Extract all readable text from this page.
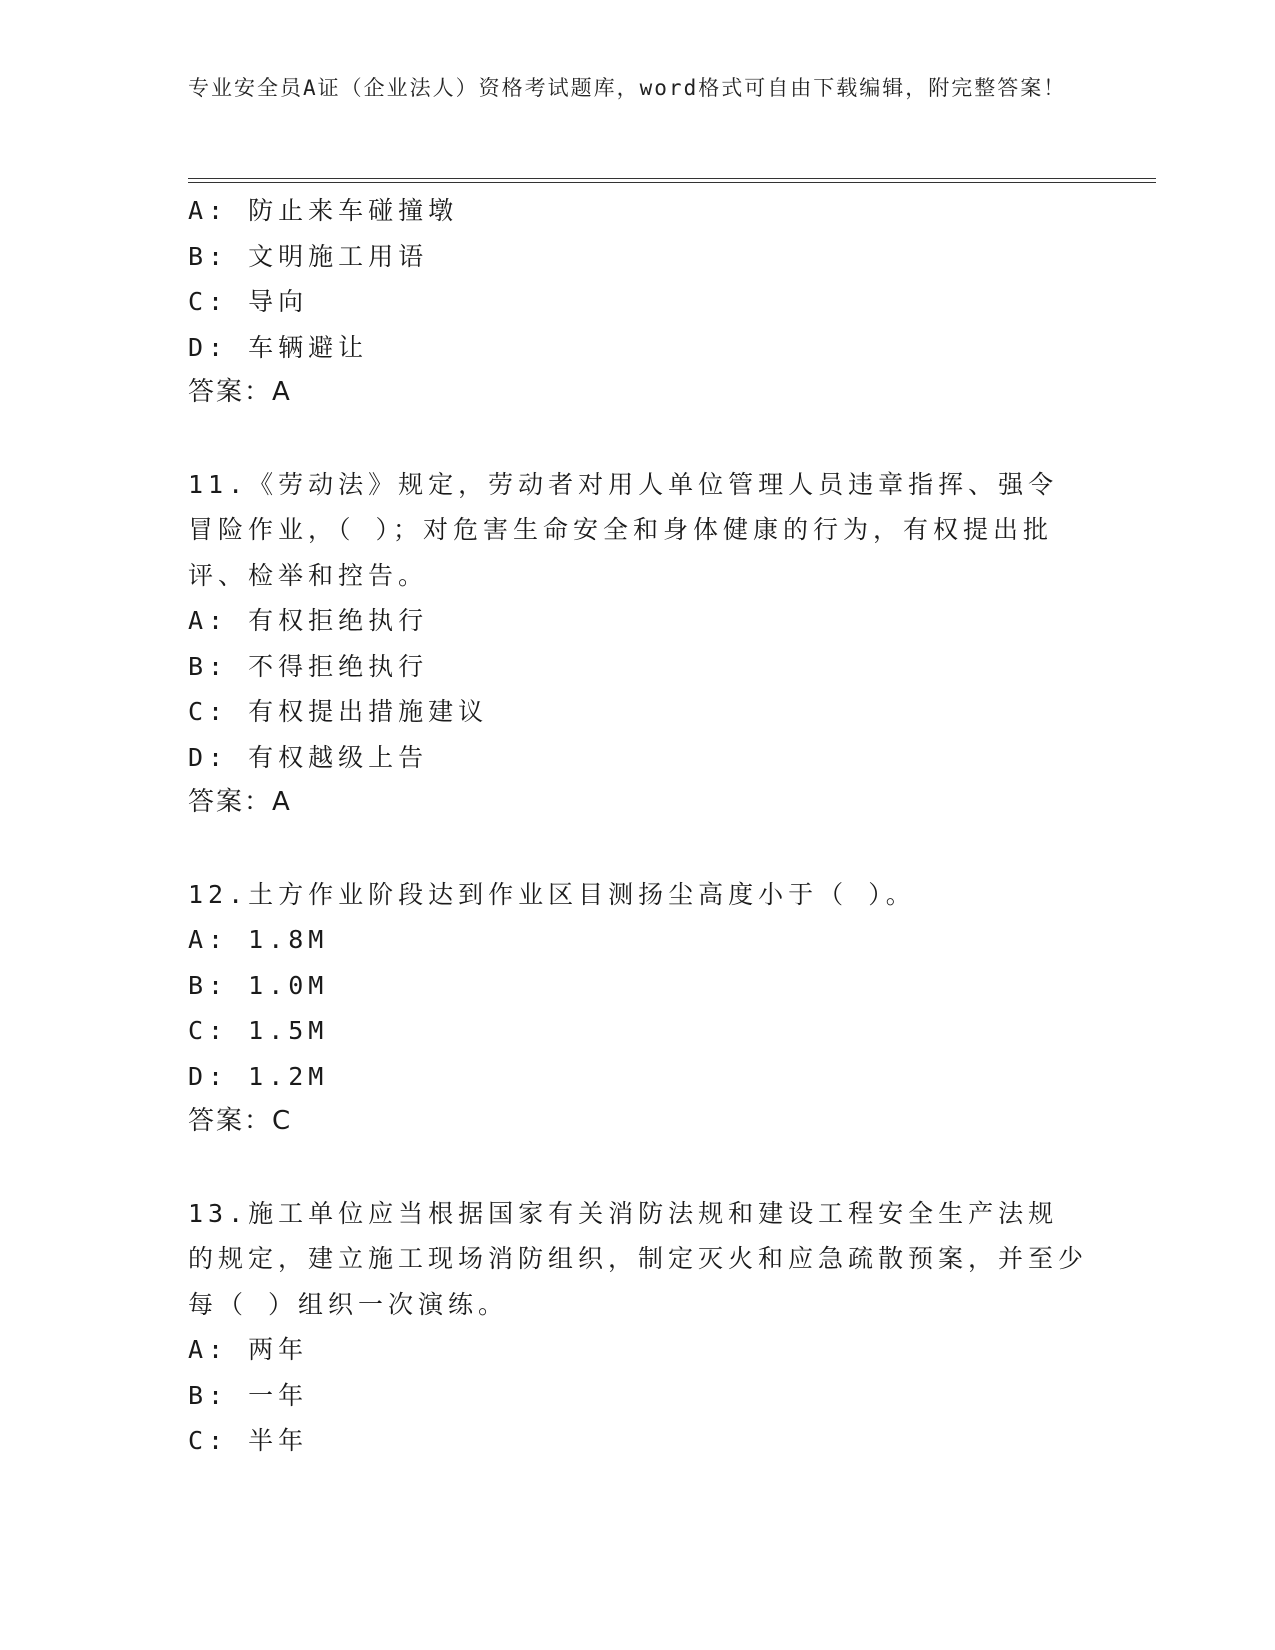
专业安全员A证（企业法人）资格考试题库，word格式可自由下载编辑，附完整答案！
A: 防止来车碰撞墩
B: 文明施工用语
C: 导向
D: 车辆避让
答案：A
11.《劳动法》规定，劳动者对用人单位管理人员违章指挥、强令冒险作业，（ ）；对危害生命安全和身体健康的行为，有权提出批评、检举和控告。
A: 有权拒绝执行
B: 不得拒绝执行
C: 有权提出措施建议
D: 有权越级上告
答案：A
12.土方作业阶段达到作业区目测扬尘高度小于（ ）。
A: 1.8M
B: 1.0M
C: 1.5M
D: 1.2M
答案：C
13.施工单位应当根据国家有关消防法规和建设工程安全生产法规的规定，建立施工现场消防组织，制定灭火和应急疏散预案，并至少每（ ）组织一次演练。
A: 两年
B: 一年
C: 半年
